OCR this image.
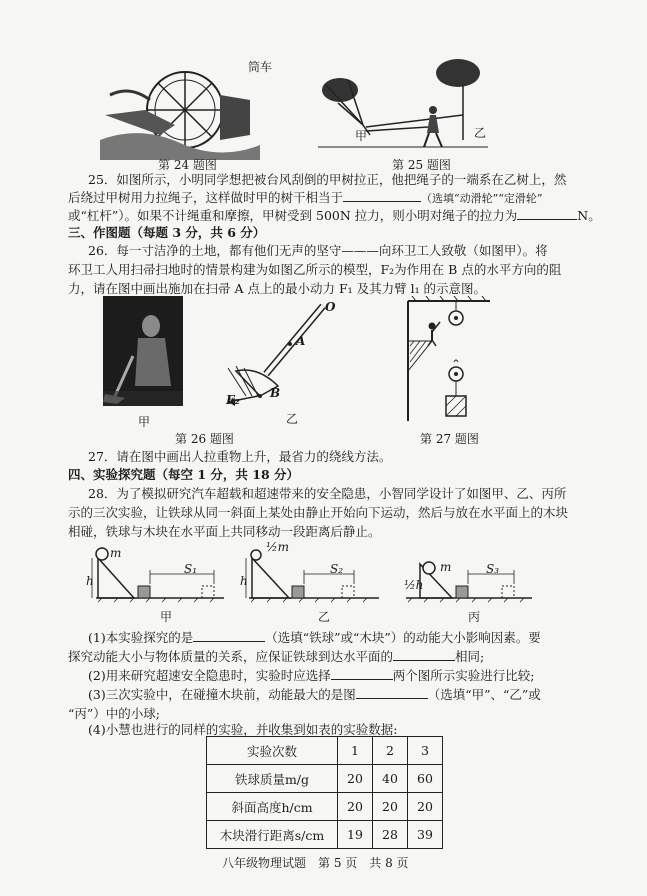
筒车
第 24 题图
甲	乙
第 25 题图
25．如图所示，小明同学想把被台风刮倒的甲树拉正，他把绳子的一端系在乙树上，然
后绕过甲树用力拉绳子，这样做时甲的树干相当于	（选填“动滑轮”“定滑轮”
或“杠杆”）。如果不计绳重和摩擦，甲树受到 500N 拉力，则小明对绳子的拉力为	N。
三、作图题（每题 3 分，共 6 分）
26．每一寸洁净的土地，都有他们无声的坚守———向环卫工人致敬（如图甲）。将
环卫工人用扫帚扫地时的情景构建为如图乙所示的模型，F₂为作用在 B 点的水平方向的阻
力，请在图中画出施加在扫帚 A 点上的最小动力 F₁ 及其力臂 l₁ 的示意图。
甲
O
A
B
F₂
乙
第 26 题图	第 27 题图
27．请在图中画出人拉重物上升，最省力的绕线方法。
四、实验探究题（每空 1 分，共 18 分）
28．为了模拟研究汽车超载和超速带来的安全隐患，小智同学设计了如图甲、乙、丙所
示的三次实验，让铁球从同一斜面上某处由静止开始向下运动，然后与放在水平面上的木块
相碰，铁球与木块在水平面上共同移动一段距离后静止。
m	½m
m
h	h	½h
S₁	S₂	S₃
甲	乙	丙
(1)本实验探究的是	（选填“铁球”或“木块”）的动能大小影响因素。要
探究动能大小与物体质量的关系，应保证铁球到达水平面的	相同;
(2)用来研究超速安全隐患时，实验时应选择	两个图所示实验进行比较;
(3)三次实验中，在碰撞木块前，动能最大的是图	（选填“甲”、“乙”或
“丙”）中的小球;
(4)小慧也进行的同样的实验，并收集到如表的实验数据:
实验次数	1	2	3
铁球质量m/g	20	40	60
斜面高度h/cm	20	20	20
木块滑行距离s/cm	19	28	39
八年级物理试题　第 5 页　共 8 页
